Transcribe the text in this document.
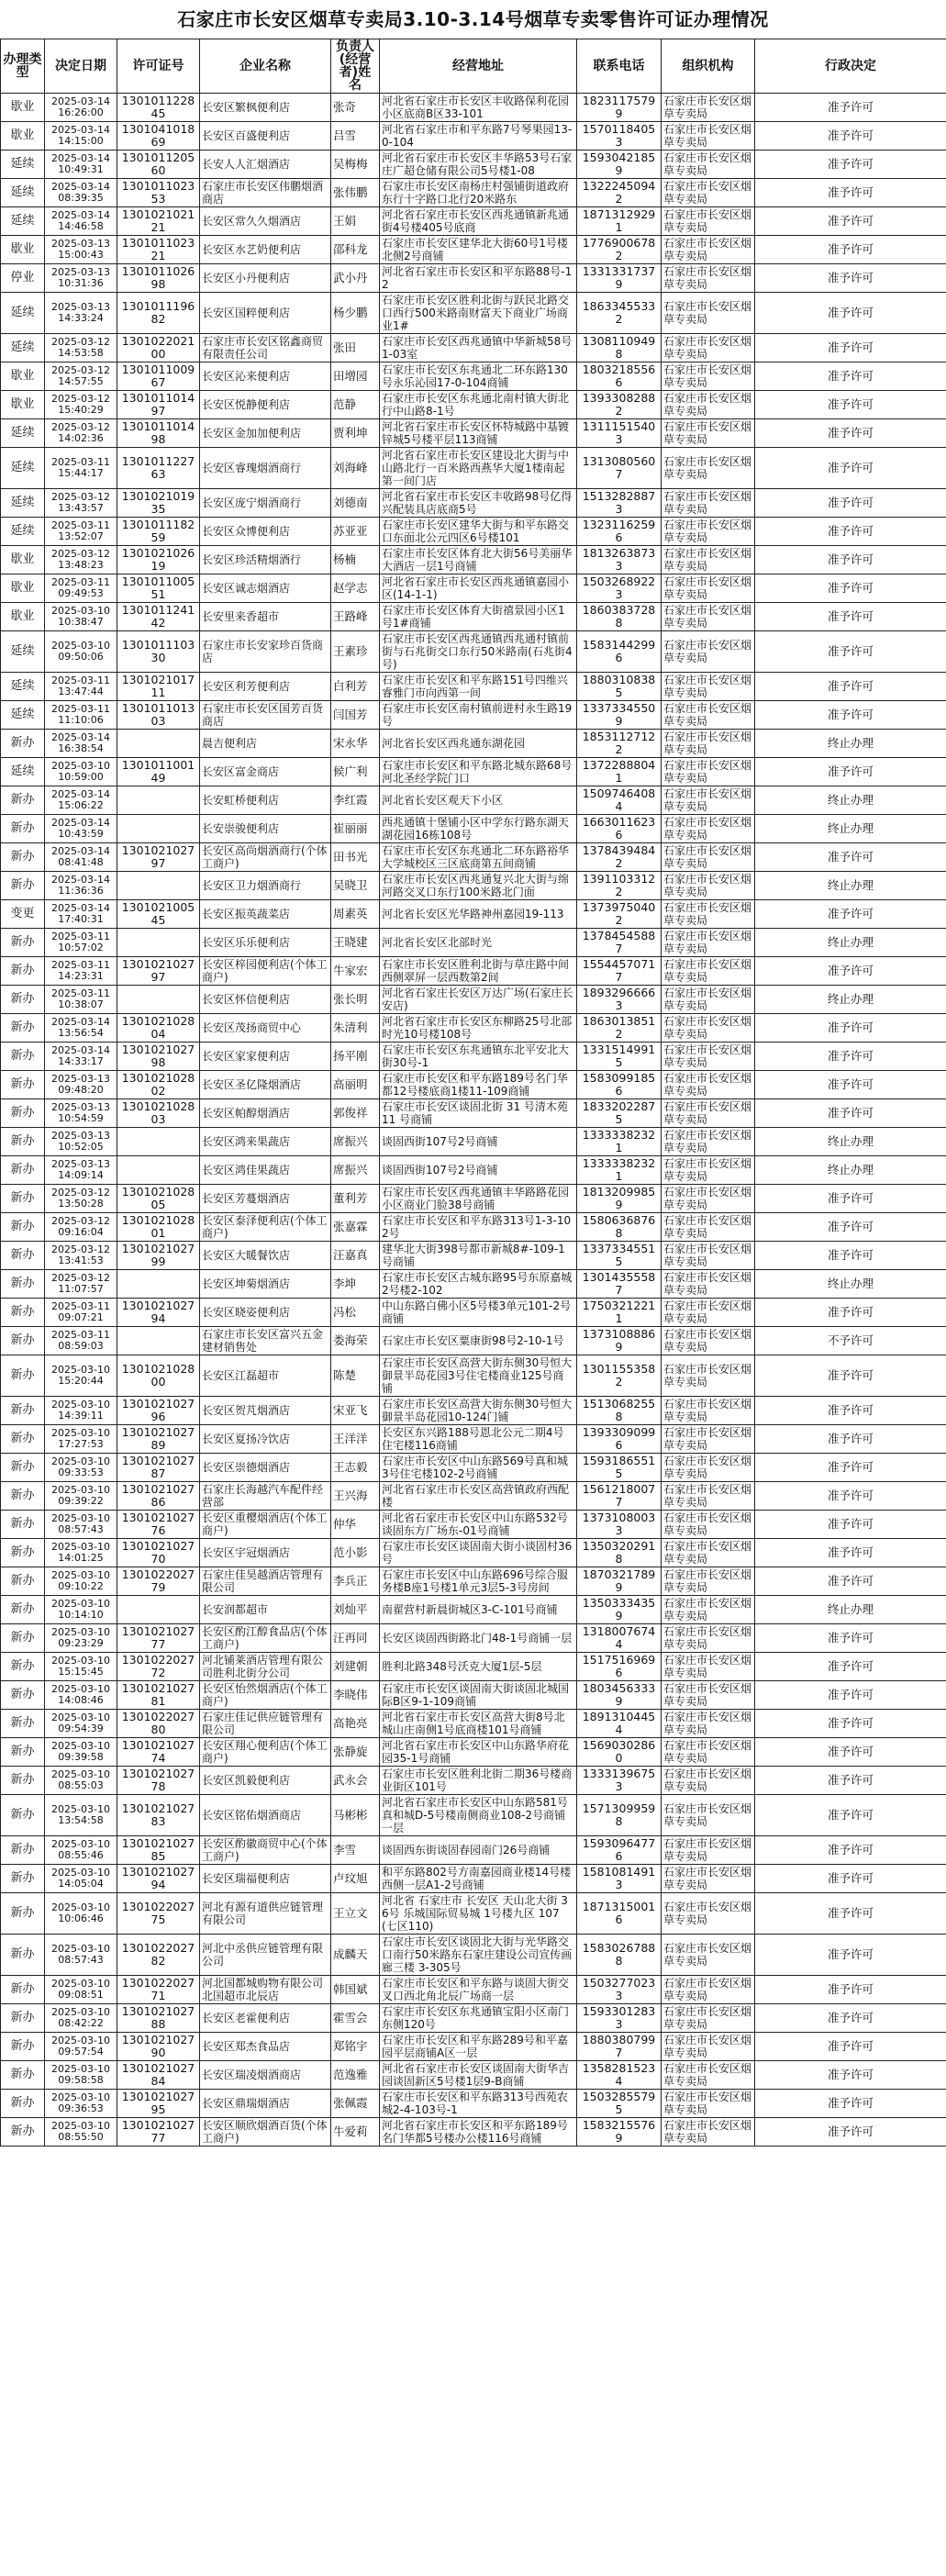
石家庄市长安区烟草专卖局3.10-3.14号烟草专卖零售许可证办理情况
办理类型	决定日期	许可证号	企业名称	负责人(经营者)姓名	经营地址	联系电话	组织机构	行政决定
歇业	2025-03-14 16:26:00	130101122845	长安区繁枫便利店	张奇	河北省石家庄市长安区丰收路保利花园小区底商B区33-101	18231175799	石家庄市长安区烟草专卖局	准予许可
歇业	2025-03-14 14:15:00	130104101869	长安区百盛便利店	吕雪	河北省石家庄市和平东路7号琴果园13-0-104	15701184053	石家庄市长安区烟草专卖局	准予许可
延续	2025-03-14 10:49:31	130101120560	长安人人汇烟酒店	吴梅梅	河北省石家庄市长安区丰华路53号石家庄广超仓储有限公司5号楼1-08	15930421859	石家庄市长安区烟草专卖局	准予许可
延续	2025-03-14 08:39:35	130101102353	石家庄市长安区伟鹏烟酒商店	张伟鹏	石家庄市长安区南杨庄村强铺街道政府东行十字路口北行20米路东	13222450942	石家庄市长安区烟草专卖局	准予许可
延续	2025-03-14 14:46:58	130102102121	长安区常久久烟酒店	王娟	河北省石家庄市长安区西兆通镇新兆通街4号楼405号底商	18713129291	石家庄市长安区烟草专卖局	准予许可
歇业	2025-03-13 15:00:43	130101102321	长安区水艺奶便利店	邵科龙	石家庄市长安区建华北大街60号1号楼北侧2号商铺	17769006782	石家庄市长安区烟草专卖局	准予许可
停业	2025-03-13 10:31:36	130101102698	长安区小丹便利店	武小丹	河北省石家庄市长安区和平东路88号-12	13313317379	石家庄市长安区烟草专卖局	准予许可
延续	2025-03-13 14:33:24	130101119682	长安区国粹便利店	杨少鹏	石家庄市长安区胜利北街与跃民北路交口西行500米路南财富天下商业广场商业1#	18633455332	石家庄市长安区烟草专卖局	准予许可
延续	2025-03-12 14:53:58	130102202100	石家庄市长安区铭鑫商贸有限责任公司	张田	石家庄市长安区西兆通镇中华新城58号1-03室	13081109498	石家庄市长安区烟草专卖局	准予许可
歇业	2025-03-12 14:57:55	130101100967	长安区沁来便利店	田增园	石家庄市长安区东兆通北二环东路130号永乐沁园17-0-104商铺	18032185566	石家庄市长安区烟草专卖局	准予许可
歇业	2025-03-12 15:40:29	130101101497	长安区悦静便利店	范静	石家庄市长安区东兆通北南村镇大街北行中山路8-1号	13933082882	石家庄市长安区烟草专卖局	准予许可
延续	2025-03-12 14:02:36	130101101498	长安区金加加便利店	贾利坤	河北省石家庄市长安区怀特城路中基镀锌城5号楼平层113商铺	13111515403	石家庄市长安区烟草专卖局	准予许可
延续	2025-03-11 15:44:17	130101122763	长安区睿瑰烟酒商行	刘海峰	河北省石家庄市长安区建设北大街与中山路北行一百米路西燕华大厦1楼南起第一间门店	13130805607	石家庄市长安区烟草专卖局	准予许可
延续	2025-03-12 13:43:57	130102101935	长安区庞宁烟酒商行	刘德南	河北省石家庄市长安区丰收路98号亿得兴配装具店底商5号	15132828873	石家庄市长安区烟草专卖局	准予许可
延续	2025-03-11 13:52:07	130101118259	长安区众博便利店	苏亚亚	石家庄市长安区建华大街与和平东路交口东面北公元四区6号楼101	13231162596	石家庄市长安区烟草专卖局	准予许可
歇业	2025-03-12 13:48:23	130102102619	长安区珍活精烟酒行	杨楠	石家庄市长安区体育北大街56号美丽华大酒店一层1号商铺	18132638733	石家庄市长安区烟草专卖局	准予许可
歇业	2025-03-11 09:49:53	130101100551	长安区诚志烟酒店	赵学志	河北省石家庄市长安区西兆通镇嘉园小区(14-1-1)	15032689223	石家庄市长安区烟草专卖局	准予许可
歇业	2025-03-10 10:38:47	130101124142	长安里来香超市	王路峰	石家庄市长安区体育大街禧景园小区1号1#商铺	18603837288	石家庄市长安区烟草专卖局	准予许可
延续	2025-03-10 09:50:06	130101110330	石家庄市长安家珍百货商店	王素珍	石家庄市长安区西兆通镇西兆通村镇前街与石兆街交口东行50米路南(石兆街4号)	15831442996	石家庄市长安区烟草专卖局	准予许可
延续	2025-03-11 13:47:44	130102101711	长安区利芳便利店	白利芳	石家庄市长安区和平东路151号四维兴睿雅门市向西第一间	18803108385	石家庄市长安区烟草专卖局	准予许可
延续	2025-03-11 11:10:06	130101101303	石家庄市长安区国芳百货商店	闫国芳	石家庄市长安区南村镇前进村永生路19号	13373345509	石家庄市长安区烟草专卖局	准予许可
新办	2025-03-14 16:38:54		晨吉便利店	宋永华	河北省长安区西兆通东湖花园	18531127122	石家庄市长安区烟草专卖局	终止办理
延续	2025-03-10 10:59:00	130101100149	长安区富金商店	候广利	石家庄市长安区和平东路北城东路68号河北圣经学院门口	13722888041	石家庄市长安区烟草专卖局	准予许可
新办	2025-03-14 15:06:22		长安虹桥便利店	李红霞	河北省长安区观天下小区	15097464084	石家庄市长安区烟草专卖局	终止办理
新办	2025-03-14 10:43:59		长安崇骏便利店	崔丽丽	西兆通镇十堡铺小区中学东行路东湖天湖花园16栋108号	16630116236	石家庄市长安区烟草专卖局	终止办理
新办	2025-03-14 08:41:48	130102102797	长安区高尚烟酒商行(个体工商户)	田书光	石家庄市长安区东兆通北二环东路裕华大学城校区三区底商第五间商铺	13784394842	石家庄市长安区烟草专卖局	准予许可
新办	2025-03-14 11:36:36		长安区卫力烟酒商行	吴晓卫	石家庄市长安区西兆通复兴北大街与绵河路交叉口东行100米路北门面	13911033122	石家庄市长安区烟草专卖局	终止办理
变更	2025-03-14 17:40:31	130102100545	长安区振英蔬菜店	周素英	河北省长安区光华路神州嘉园19-113	13739750402	石家庄市长安区烟草专卖局	准予许可
新办	2025-03-11 10:57:02		长安区乐乐便利店	王晓建	河北省长安区北部时光	13784545887	石家庄市长安区烟草专卖局	终止办理
新办	2025-03-11 14:23:31	130102102797	长安区梓园便利店(个体工商户)	牛家宏	石家庄市长安区胜利北街与草庄路中间西侧翠屏一层西数第2间	15544570717	石家庄市长安区烟草专卖局	准予许可
新办	2025-03-11 10:38:07		长安区怀信便利店	张长明	河北省石家庄长安区万达广场(石家庄长安店)	18932966663	石家庄市长安区烟草专卖局	终止办理
新办	2025-03-14 13:56:54	130102102804	长安区茂扬商贸中心	朱清利	河北省石家庄市长安区东柳路25号北部时光10号楼108号	18630138512	石家庄市长安区烟草专卖局	准予许可
新办	2025-03-14 14:33:17	130102102798	长安区家家便利店	扬平刚	石家庄市长安区东兆通镇东北平安北大街30号-1	13315149915	石家庄市长安区烟草专卖局	准予许可
新办	2025-03-13 09:48:20	130102102802	长安区圣亿隆烟酒店	高丽明	石家庄市长安区和平东路189号名门华都12号楼底商1楼11-109商铺	15830991856	石家庄市长安区烟草专卖局	准予许可
新办	2025-03-13 10:54:59	130102102803	长安区帕醇烟酒店	郭俊祥	石家庄市长安区谈固北街 31 号清木苑 11 号商铺	18332022875	石家庄市长安区烟草专卖局	准予许可
新办	2025-03-13 10:52:05		长安区鸿来果蔬店	席振兴	谈固西街107号2号商铺	13333382321	石家庄市长安区烟草专卖局	终止办理
新办	2025-03-13 14:09:14		长安区鸿佳果蔬店	席振兴	谈固西街107号2号商铺	13333382321	石家庄市长安区烟草专卖局	终止办理
新办	2025-03-12 13:50:28	130102102805	长安区芳蔓烟酒店	董利芳	石家庄市长安区西兆通镇丰华路路花园小区商业门脸38号商铺	18132099859	石家庄市长安区烟草专卖局	准予许可
新办	2025-03-12 09:16:04	130102102801	长安区泰泽便利店(个体工商户)	张嘉霖	石家庄市长安区和平东路313号1-3-102号	15806368768	石家庄市长安区烟草专卖局	准予许可
新办	2025-03-12 13:41:53	130102102799	长安区大暖餐饮店	汪嘉真	建华北大街398号都市新城8#-109-1号商铺	13373345515	石家庄市长安区烟草专卖局	准予许可
新办	2025-03-12 11:07:57		长安区坤菊烟酒店	李坤	石家庄市长安区古城东路95号东原嘉城2号楼2-102	13014355587	石家庄市长安区烟草专卖局	终止办理
新办	2025-03-11 09:07:21	130102102794	长安区晓姿便利店	冯松	中山东路白佛小区5号楼3单元101-2号商铺	17503212211	石家庄市长安区烟草专卖局	准予许可
新办	2025-03-11 08:59:03		石家庄市长安区富兴五金建材销售处	娄海荣	石家庄市长安区粟康街98号2-10-1号	13731088869	石家庄市长安区烟草专卖局	不予许可
新办	2025-03-10 15:20:44	130102102800	长安区江磊超市	陈楚	石家庄市长安区高营大街东侧30号恒大御景半岛花园3号住宅楼商业125号商铺	13011553582	石家庄市长安区烟草专卖局	准予许可
新办	2025-03-10 14:39:11	130102102796	长安区贺芃烟酒店	宋亚飞	石家庄市长安区高营大街东侧30号恒大御景半岛花园10-124门铺	15130682558	石家庄市长安区烟草专卖局	准予许可
新办	2025-03-10 17:27:53	130102102789	长安区夏扬冷饮店	王洋洋	长安区东兴路188号恩北公元二期4号住宅楼116商铺	13933090996	石家庄市长安区烟草专卖局	准予许可
新办	2025-03-10 09:33:53	130102102787	长安区崇德烟酒店	王志毅	石家庄市长安区中山东路569号真和城3号住宅楼102-2号商铺	15931865515	石家庄市长安区烟草专卖局	准予许可
新办	2025-03-10 09:39:22	130102102786	石家庄长海越汽车配件经营部	王兴海	河北省石家庄市长安区高营镇政府西配楼	15612180077	石家庄市长安区烟草专卖局	准予许可
新办	2025-03-10 08:57:43	130102102776	长安区重樱烟酒店(个体工商户)	仲华	河北省石家庄市长安区中山东路532号谈固东方广场东-01号商铺	13731080033	石家庄市长安区烟草专卖局	准予许可
新办	2025-03-10 14:01:25	130102102770	长安区宇冠烟酒店	范小影	石家庄市长安区谈固南大街小谈固村36号	13503202918	石家庄市长安区烟草专卖局	准予许可
新办	2025-03-10 09:10:22	130102202779	石家庄佳昊越酒店管理有限公司	李兵正	石家庄市长安区中山东路696号综合服务楼B座1号楼1单元3层5-3号房间	18703217899	石家庄市长安区烟草专卖局	准予许可
新办	2025-03-10 10:14:10		长安润都超市	刘灿平	南翟营村新晨街城区3-C-101号商铺	13503334359	石家庄市长安区烟草专卖局	终止办理
新办	2025-03-10 09:23:29	130102102777	长安区酌江醇食品店(个体工商户)	汪再同	长安区谈固西街路北门48-1号商铺一层	13180076744	石家庄市长安区烟草专卖局	准予许可
新办	2025-03-10 15:15:45	130102202772	河北铺莱酒店管理有限公司胜利北街分公司	刘建朝	胜利北路348号沃克大厦1层-5层	15175169696	石家庄市长安区烟草专卖局	准予许可
新办	2025-03-10 14:08:46	130102102781	长安区怡然烟酒店(个体工商户)	李晓伟	石家庄市长安区谈固南大街谈固北城国际B区9-1-109商铺	18034563339	石家庄市长安区烟草专卖局	准予许可
新办	2025-03-10 09:54:39	130102202780	石家庄佳记供应链管理有限公司	高艳亮	河北省石家庄市长安区高营大街8号北城山庄南侧1号底商楼101号商铺	18913104454	石家庄市长安区烟草专卖局	准予许可
新办	2025-03-10 09:39:58	130102102774	长安区翔心便利店(个体工商户)	张静旋	河北省石家庄市长安区中山东路华府花园35-1号商铺	15690302860	石家庄市长安区烟草专卖局	准予许可
新办	2025-03-10 08:55:03	130102102778	长安区凯毅便利店	武永会	石家庄市长安区胜利北街二期36号楼商业街区101号	13331396753	石家庄市长安区烟草专卖局	准予许可
新办	2025-03-10 13:54:58	130102102783	长安区铭佑烟酒商店	马彬彬	河北省石家庄市长安区中山东路581号真和城D-5号楼南侧商业108-2号商铺一层	15713099598	石家庄市长安区烟草专卖局	准予许可
新办	2025-03-10 08:55:46	130102102785	长安区酌徽商贸中心(个体工商户)	李雪	谈固西东街谈固春园南门26号商铺	15930964776	石家庄市长安区烟草专卖局	准予许可
新办	2025-03-10 14:05:04	130102102794	长安区瑞福便利店	卢玟旭	和平东路802号方南嘉园商业楼14号楼西侧一层A1-2号商铺	15810814913	石家庄市长安区烟草专卖局	准予许可
新办	2025-03-10 10:06:46	130102202775	河北有源有道供应链管理有限公司	王立文	河北省 石家庄市 长安区 天山北大街 36号 乐城国际贸易城 1号楼九区 107 (七区110)	18713150016	石家庄市长安区烟草专卖局	准予许可
新办	2025-03-10 08:57:43	130102202782	河北中丞供应链管理有限公司	成麟天	石家庄市长安区谈固北大街与光华路交口南行50米路东石家庄建设公司宣传画廊三楼 3-305号	15830267888	石家庄市长安区烟草专卖局	准予许可
新办	2025-03-10 09:08:51	130102202771	河北国都城购物有限公司北国超市北辰店	韩国斌	石家庄市长安区和平东路与谈固大街交叉口西北角北辰广场商一层	15032770233	石家庄市长安区烟草专卖局	准予许可
新办	2025-03-10 08:42:22	130102102788	长安区老霍便利店	霍雪会	石家庄市长安区东兆通镇宝阳小区南门东侧120号	15933012833	石家庄市长安区烟草专卖局	准予许可
新办	2025-03-10 09:57:54	130102102790	长安区郑杰食品店	郑铭宇	石家庄市长安区和平东路289号和平嘉园平层商铺A区一层	18803807997	石家庄市长安区烟草专卖局	准予许可
新办	2025-03-10 09:58:58	130102102784	长安区瑞凌烟酒商店	范逸雅	河北省石家庄市长安区谈固南大街华吉园谈固新区5号楼1层9-B商铺	13582815234	石家庄市长安区烟草专卖局	准予许可
新办	2025-03-10 09:36:53	130102102795	长安区鼎瑞烟酒店	张佩霞	石家庄市长安区和平东路313号西苑农城2-4-103号-1	15032855795	石家庄市长安区烟草专卖局	准予许可
新办	2025-03-10 08:55:50	130102102777	长安区顺欣烟酒百货(个体工商户)	牛爱莉	河北省石家庄市长安区和平东路189号名门华都5号楼办公楼116号商铺	15832155769	石家庄市长安区烟草专卖局	准予许可
